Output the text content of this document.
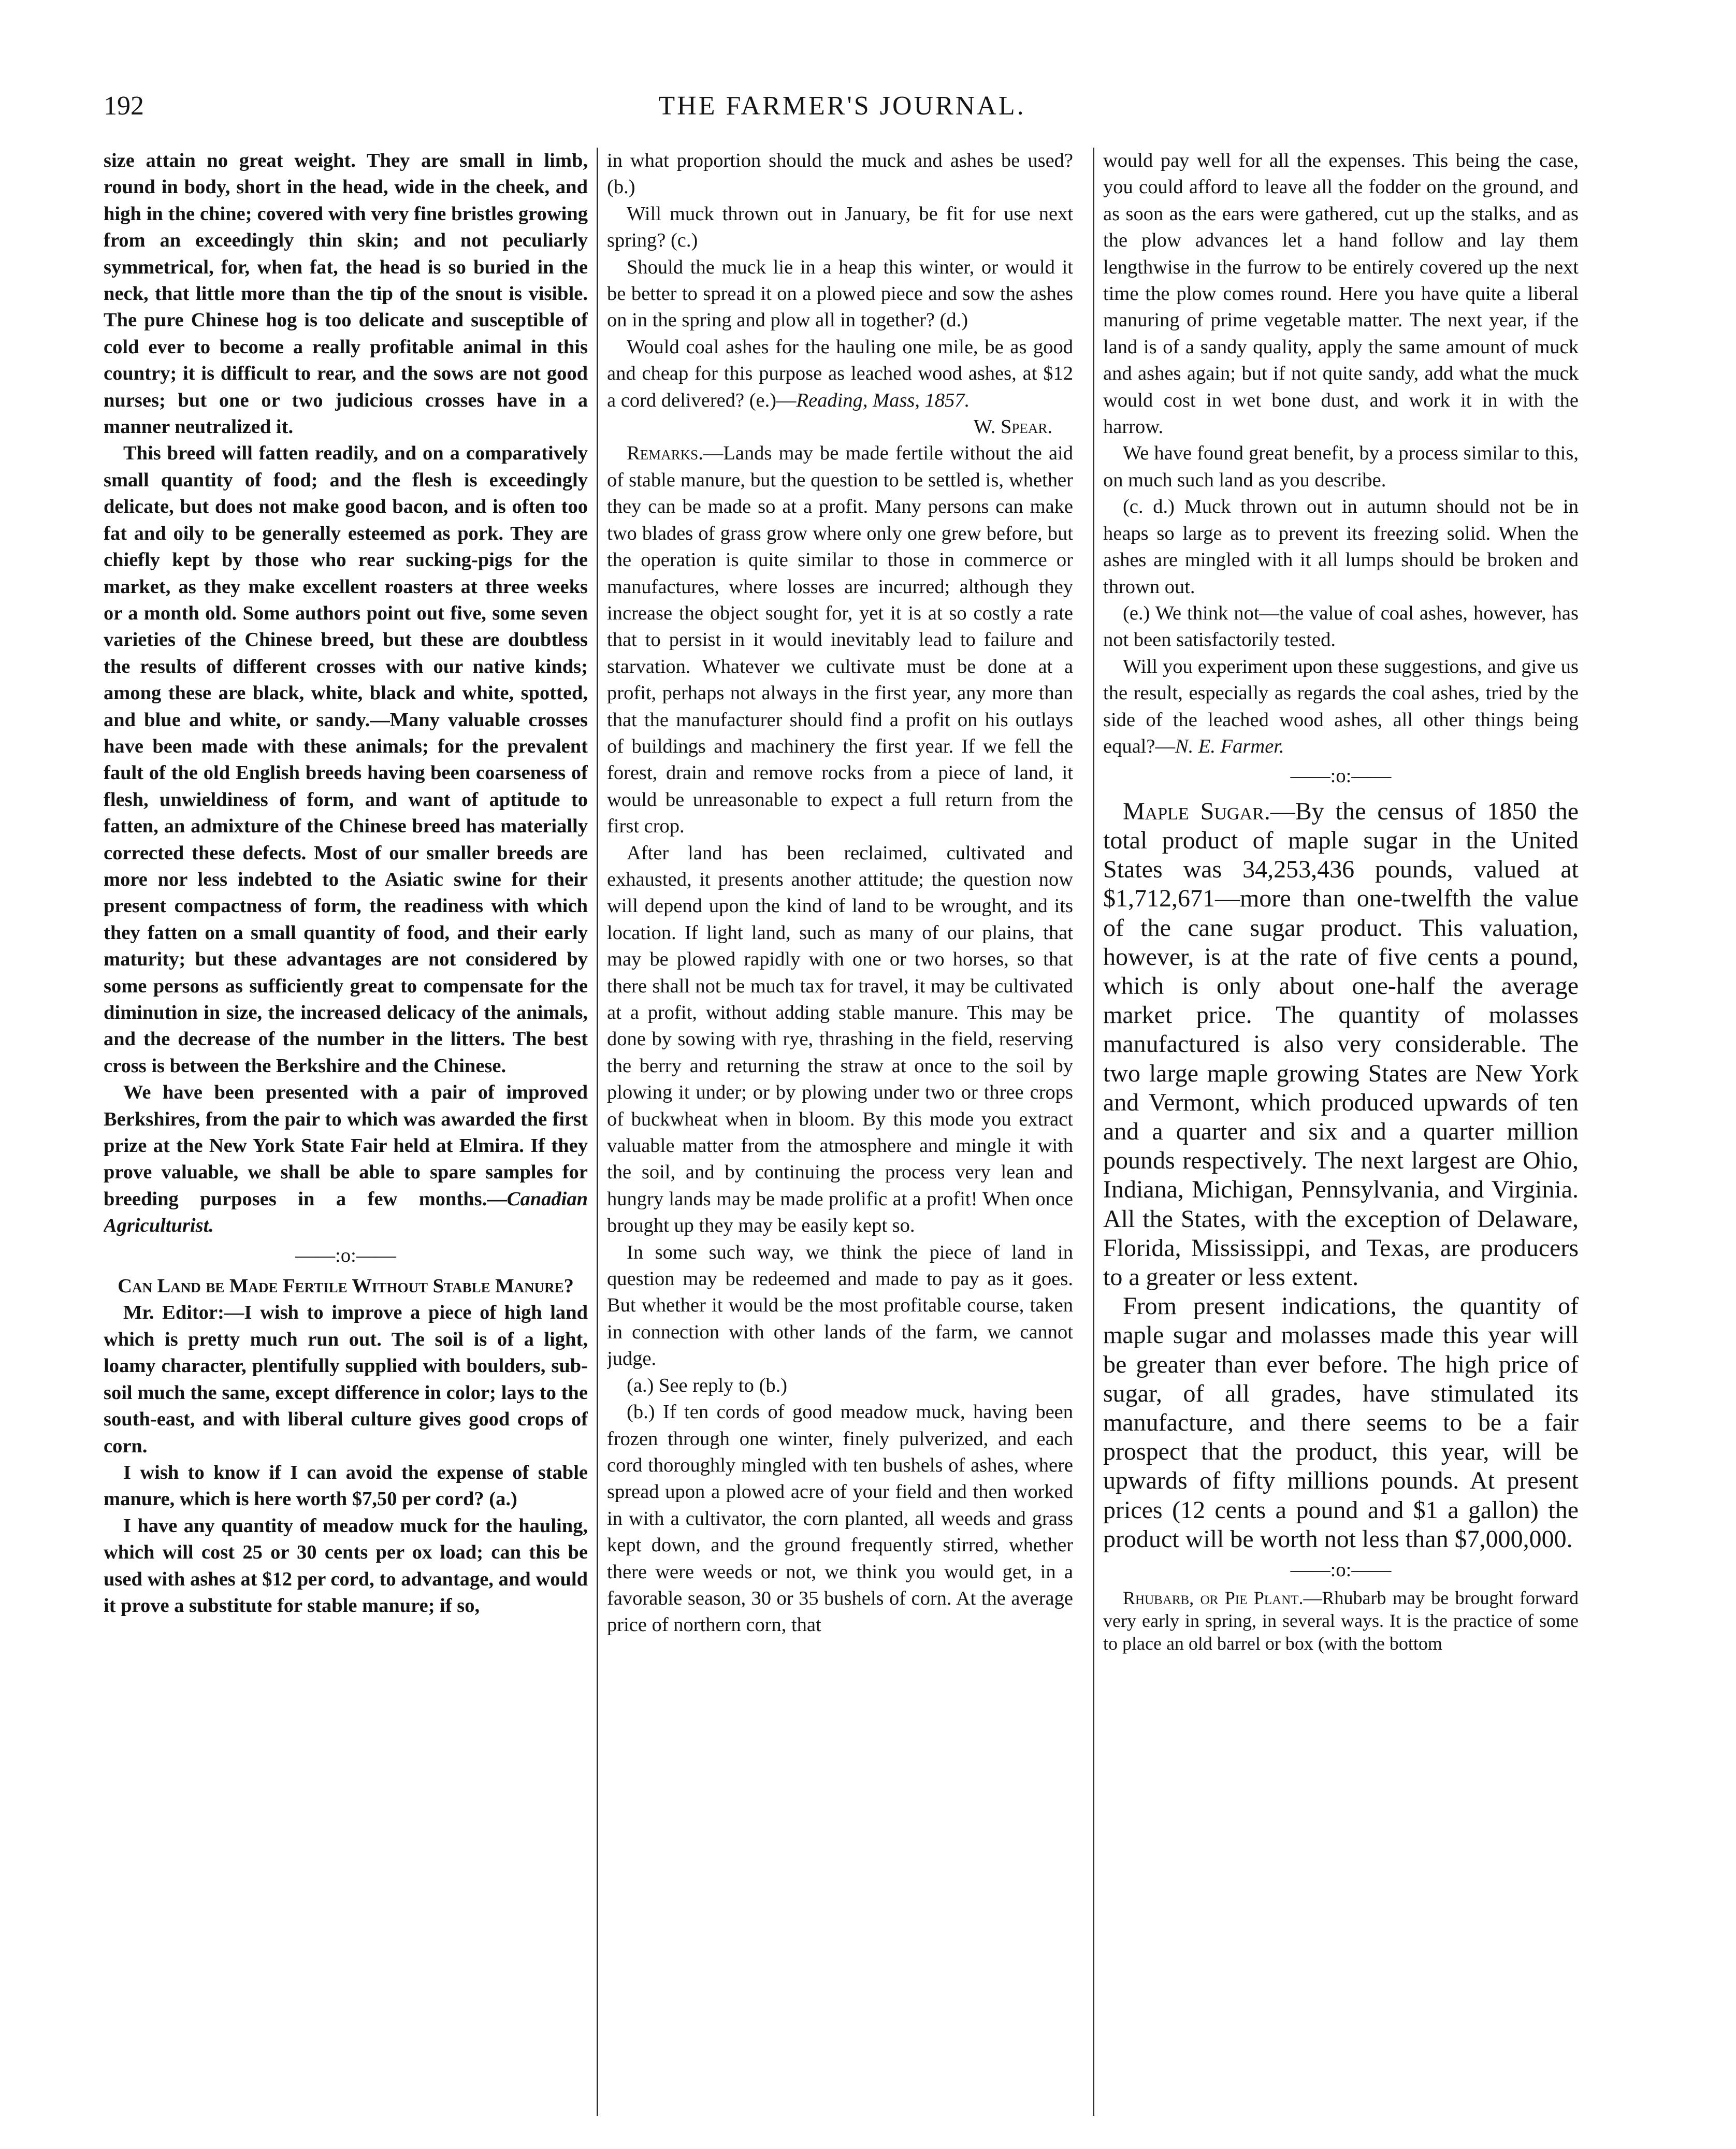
192	THE FARMER'S JOURNAL.

size attain no great weight. They are small in limb, round in body, short in the head, wide in the cheek, and high in the chine; covered with very fine bristles growing from an exceedingly thin skin; and not peculiarly symmetrical, for, when fat, the head is so buried in the neck, that little more than the tip of the snout is visible. The pure Chinese hog is too delicate and susceptible of cold ever to become a really profitable animal in this country; it is difficult to rear, and the sows are not good nurses; but one or two judicious crosses have in a manner neutralized it.

This breed will fatten readily, and on a comparatively small quantity of food; and the flesh is exceedingly delicate, but does not make good bacon, and is often too fat and oily to be generally esteemed as pork. They are chiefly kept by those who rear sucking-pigs for the market, as they make excellent roasters at three weeks or a month old. Some authors point out five, some seven varieties of the Chinese breed, but these are doubtless the results of different crosses with our native kinds; among these are black, white, black and white, spotted, and blue and white, or sandy.—Many valuable crosses have been made with these animals; for the prevalent fault of the old English breeds having been coarseness of flesh, unwieldiness of form, and want of aptitude to fatten, an admixture of the Chinese breed has materially corrected these defects. Most of our smaller breeds are more nor less indebted to the Asiatic swine for their present compactness of form, the readiness with which they fatten on a small quantity of food, and their early maturity; but these advantages are not considered by some persons as sufficiently great to compensate for the diminution in size, the increased delicacy of the animals, and the decrease of the number in the litters. The best cross is between the Berkshire and the Chinese.

We have been presented with a pair of improved Berkshires, from the pair to which was awarded the first prize at the New York State Fair held at Elmira. If they prove valuable, we shall be able to spare samples for breeding purposes in a few months.—Canadian Agriculturist.

——:o:——
Can Land be Made Fertile Without Stable Manure?

Mr. Editor:—I wish to improve a piece of high land which is pretty much run out. The soil is of a light, loamy character, plentifully supplied with boulders, sub-soil much the same, except difference in color; lays to the south-east, and with liberal culture gives good crops of corn.

I wish to know if I can avoid the expense of stable manure, which is here worth $7,50 per cord? (a.)

I have any quantity of meadow muck for the hauling, which will cost 25 or 30 cents per ox load; can this be used with ashes at $12 per cord, to advantage, and would it prove a substitute for stable manure; if so,

in what proportion should the muck and ashes be used? (b.)

Will muck thrown out in January, be fit for use next spring? (c.)

Should the muck lie in a heap this winter, or would it be better to spread it on a plowed piece and sow the ashes on in the spring and plow all in together? (d.)

Would coal ashes for the hauling one mile, be as good and cheap for this purpose as leached wood ashes, at $12 a cord delivered? (e.)—Reading, Mass, 1857.

W. Spear.

Remarks.—Lands may be made fertile without the aid of stable manure, but the question to be settled is, whether they can be made so at a profit. Many persons can make two blades of grass grow where only one grew before, but the operation is quite similar to those in commerce or manufactures, where losses are incurred; although they increase the object sought for, yet it is at so costly a rate that to persist in it would inevitably lead to failure and starvation. Whatever we cultivate must be done at a profit, perhaps not always in the first year, any more than that the manufacturer should find a profit on his outlays of buildings and machinery the first year. If we fell the forest, drain and remove rocks from a piece of land, it would be unreasonable to expect a full return from the first crop.

After land has been reclaimed, cultivated and exhausted, it presents another attitude; the question now will depend upon the kind of land to be wrought, and its location. If light land, such as many of our plains, that may be plowed rapidly with one or two horses, so that there shall not be much tax for travel, it may be cultivated at a profit, without adding stable manure. This may be done by sowing with rye, thrashing in the field, reserving the berry and returning the straw at once to the soil by plowing it under; or by plowing under two or three crops of buckwheat when in bloom. By this mode you extract valuable matter from the atmosphere and mingle it with the soil, and by continuing the process very lean and hungry lands may be made prolific at a profit! When once brought up they may be easily kept so.

In some such way, we think the piece of land in question may be redeemed and made to pay as it goes. But whether it would be the most profitable course, taken in connection with other lands of the farm, we cannot judge.

(a.) See reply to (b.)

(b.) If ten cords of good meadow muck, having been frozen through one winter, finely pulverized, and each cord thoroughly mingled with ten bushels of ashes, where spread upon a plowed acre of your field and then worked in with a cultivator, the corn planted, all weeds and grass kept down, and the ground frequently stirred, whether there were weeds or not, we think you would get, in a favorable season, 30 or 35 bushels of corn. At the average price of northern corn, that

would pay well for all the expenses. This being the case, you could afford to leave all the fodder on the ground, and as soon as the ears were gathered, cut up the stalks, and as the plow advances let a hand follow and lay them lengthwise in the furrow to be entirely covered up the next time the plow comes round. Here you have quite a liberal manuring of prime vegetable matter. The next year, if the land is of a sandy quality, apply the same amount of muck and ashes again; but if not quite sandy, add what the muck would cost in wet bone dust, and work it in with the harrow.

We have found great benefit, by a process similar to this, on much such land as you describe.

(c. d.) Muck thrown out in autumn should not be in heaps so large as to prevent its freezing solid. When the ashes are mingled with it all lumps should be broken and thrown out.

(e.) We think not—the value of coal ashes, however, has not been satisfactorily tested.

Will you experiment upon these suggestions, and give us the result, especially as regards the coal ashes, tried by the side of the leached wood ashes, all other things being equal?—N. E. Farmer.

——:o:——

Maple Sugar.—By the census of 1850 the total product of maple sugar in the United States was 34,253,436 pounds, valued at $1,712,671—more than one-twelfth the value of the cane sugar product. This valuation, however, is at the rate of five cents a pound, which is only about one-half the average market price. The quantity of molasses manufactured is also very considerable. The two large maple growing States are New York and Vermont, which produced upwards of ten and a quarter and six and a quarter million pounds respectively. The next largest are Ohio, Indiana, Michigan, Pennsylvania, and Virginia. All the States, with the exception of Delaware, Florida, Mississippi, and Texas, are producers to a greater or less extent.

From present indications, the quantity of maple sugar and molasses made this year will be greater than ever before. The high price of sugar, of all grades, have stimulated its manufacture, and there seems to be a fair prospect that the product, this year, will be upwards of fifty millions pounds. At present prices (12 cents a pound and $1 a gallon) the product will be worth not less than $7,000,000.

——:o:——

Rhubarb, or Pie Plant.—Rhubarb may be brought forward very early in spring, in several ways. It is the practice of some to place an old barrel or box (with the bottom
